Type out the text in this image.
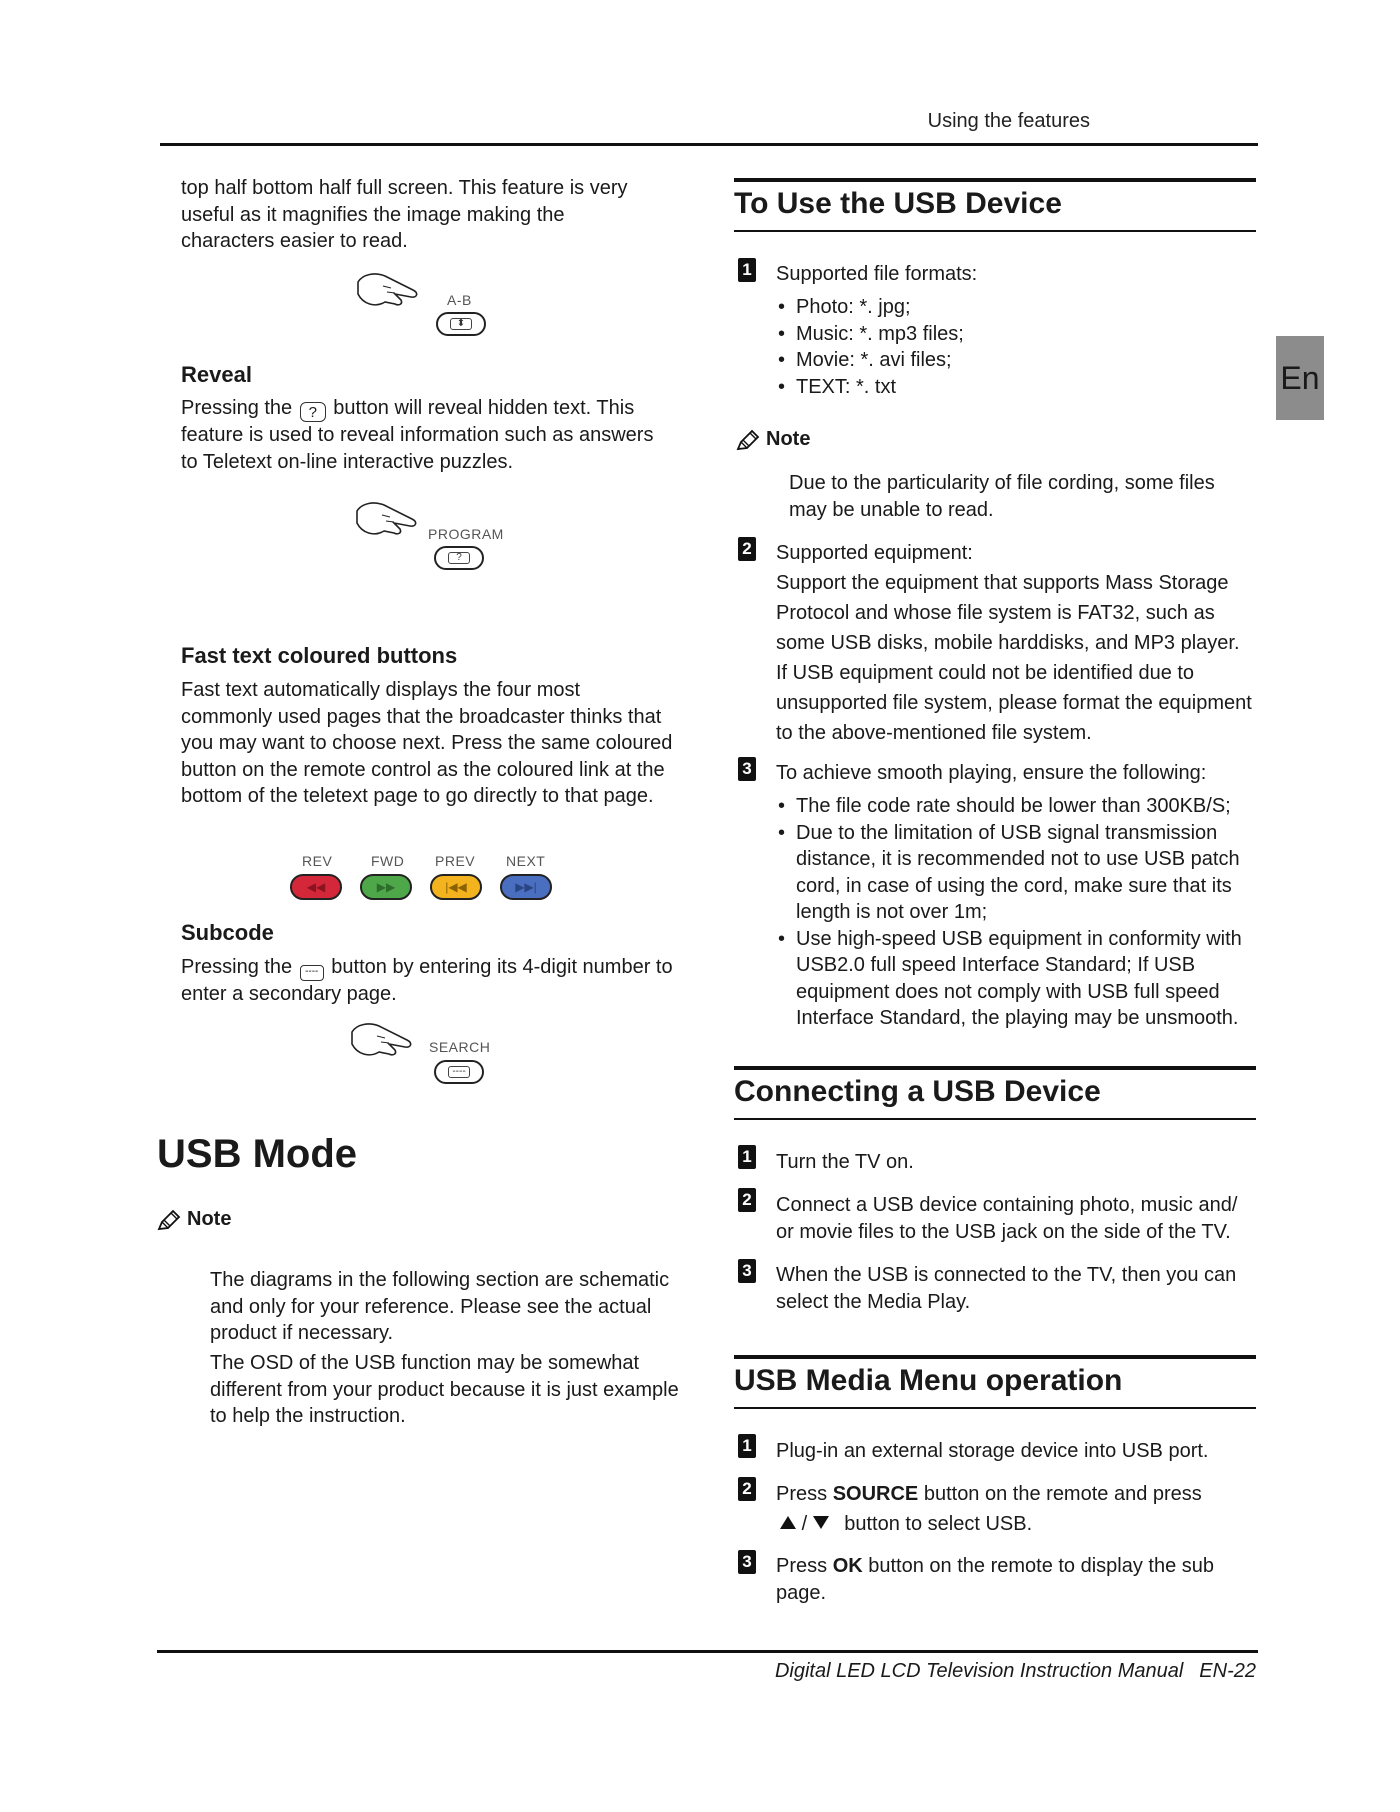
Using the features
En
top half bottom half full screen. This feature is very useful as it magnifies the image making the characters easier to read.
A-B
⬍
Reveal
Pressing the ? button will reveal hidden text. This feature is used to reveal information such as answers to Teletext on-line interactive puzzles.
PROGRAM
?
Fast text coloured buttons
Fast text automatically displays the four most commonly used pages that the broadcaster thinks that you may want to choose next. Press the same coloured button on the remote control as the coloured link at the bottom of the teletext page to go directly to that page.
REV	FWD PREV NEXT
◀◀	▶▶	|◀◀	▶▶|
Subcode
Pressing the ---- button by entering its 4-digit number to enter a secondary page.
SEARCH
----
USB Mode
Note
The diagrams in the following section are schematic and only for your reference. Please see the actual product if necessary.
The OSD of the USB function may be somewhat different from your product because it is just example to help the instruction.
To Use the USB Device
1 Supported file formats:
• Photo: *. jpg;
• Music: *. mp3 files;
• Movie: *. avi files;
• TEXT: *. txt
Note
Due to the particularity of file cording, some files may be unable to read.
2 Supported equipment:
Support the equipment that supports Mass Storage Protocol and whose file system is FAT32, such as some USB disks, mobile harddisks, and MP3 player. If USB equipment could not be identified due to unsupported file system, please format the equipment to the above-mentioned file system.
3 To achieve smooth playing, ensure the following:
• The file code rate should be lower than 300KB/S;
• Due to the limitation of USB signal transmission distance, it is recommended not to use USB patch cord, in case of using the cord, make sure that its length is not over 1m;
• Use high-speed USB equipment in conformity with USB2.0 full speed Interface Standard; If USB equipment does not comply with USB full speed Interface Standard, the playing may be unsmooth.
Connecting a USB Device
1 Turn the TV on.
2 Connect a USB device containing photo, music and/ or movie files to the USB jack on the side of the TV.
3 When the USB is connected to the TV, then you can select the Media Play.
USB Media Menu operation
1 Plug-in an external storage device into USB port.
2 Press SOURCE button on the remote and press
/ button to select USB.
3 Press OK button on the remote to display the sub page.
Digital LED LCD Television Instruction Manual EN-22
